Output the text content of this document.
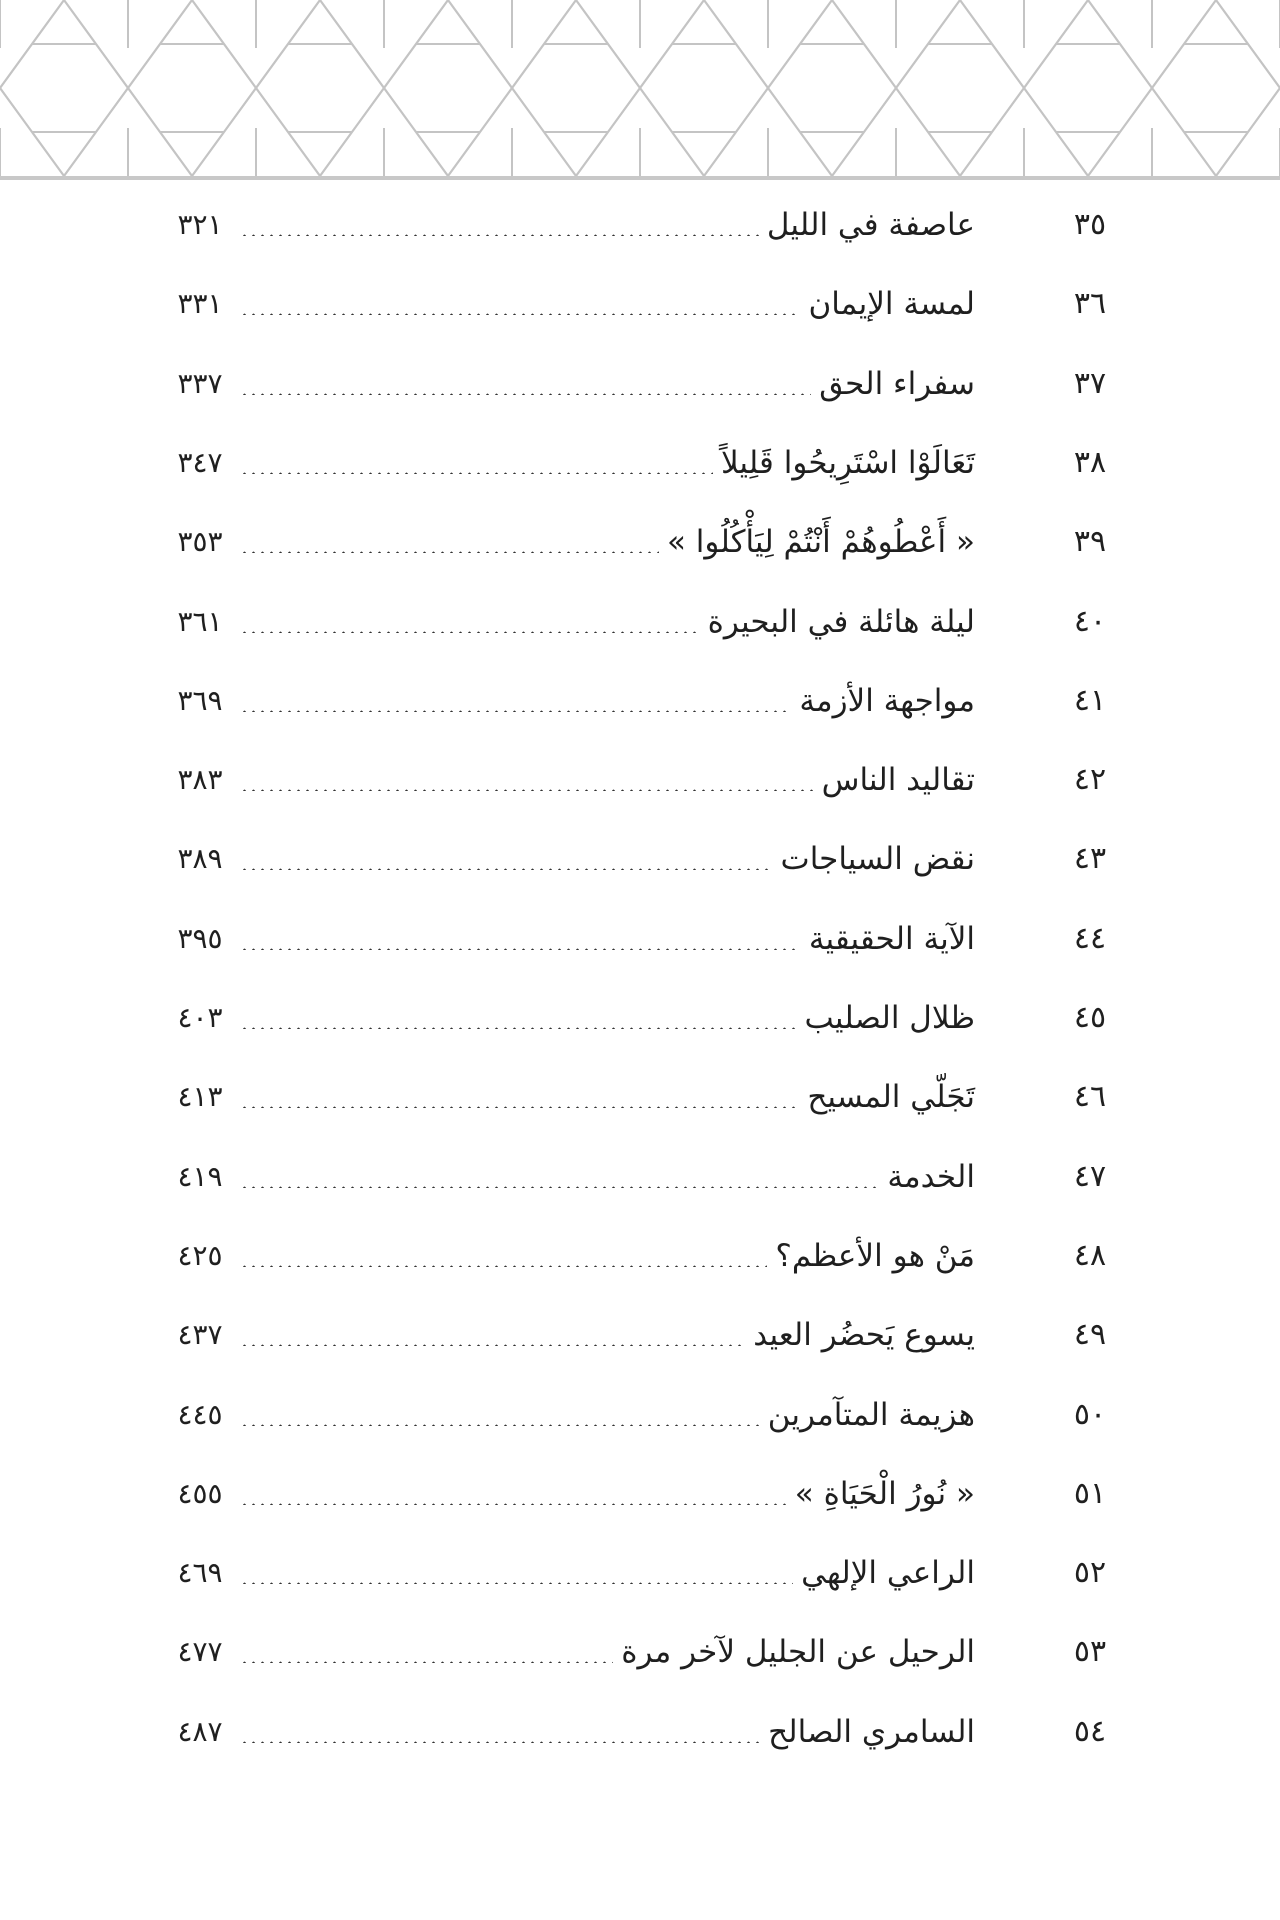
٣٥
عاصفة في الليل
٣٢١
٣٦
لمسة الإيمان
٣٣١
٣٧
سفراء الحق
٣٣٧
٣٨
تَعَالَوْا اسْتَرِيحُوا قَلِيلاً
٣٤٧
٣٩
« أَعْطُوهُمْ أَنْتُمْ لِيَأْكُلُوا »
٣٥٣
٤٠
ليلة هائلة في البحيرة
٣٦١
٤١
مواجهة الأزمة
٣٦٩
٤٢
تقاليد الناس
٣٨٣
٤٣
نقض السياجات
٣٨٩
٤٤
الآية الحقيقية
٣٩٥
٤٥
ظلال الصليب
٤٠٣
٤٦
تَجَلّي المسيح
٤١٣
٤٧
الخدمة
٤١٩
٤٨
مَنْ هو الأعظم؟
٤٢٥
٤٩
يسوع يَحضُر العيد
٤٣٧
٥٠
هزيمة المتآمرين
٤٤٥
٥١
« نُورُ الْحَيَاةِ »
٤٥٥
٥٢
الراعي الإلهي
٤٦٩
٥٣
الرحيل عن الجليل لآخر مرة
٤٧٧
٥٤
السامري الصالح
٤٨٧
